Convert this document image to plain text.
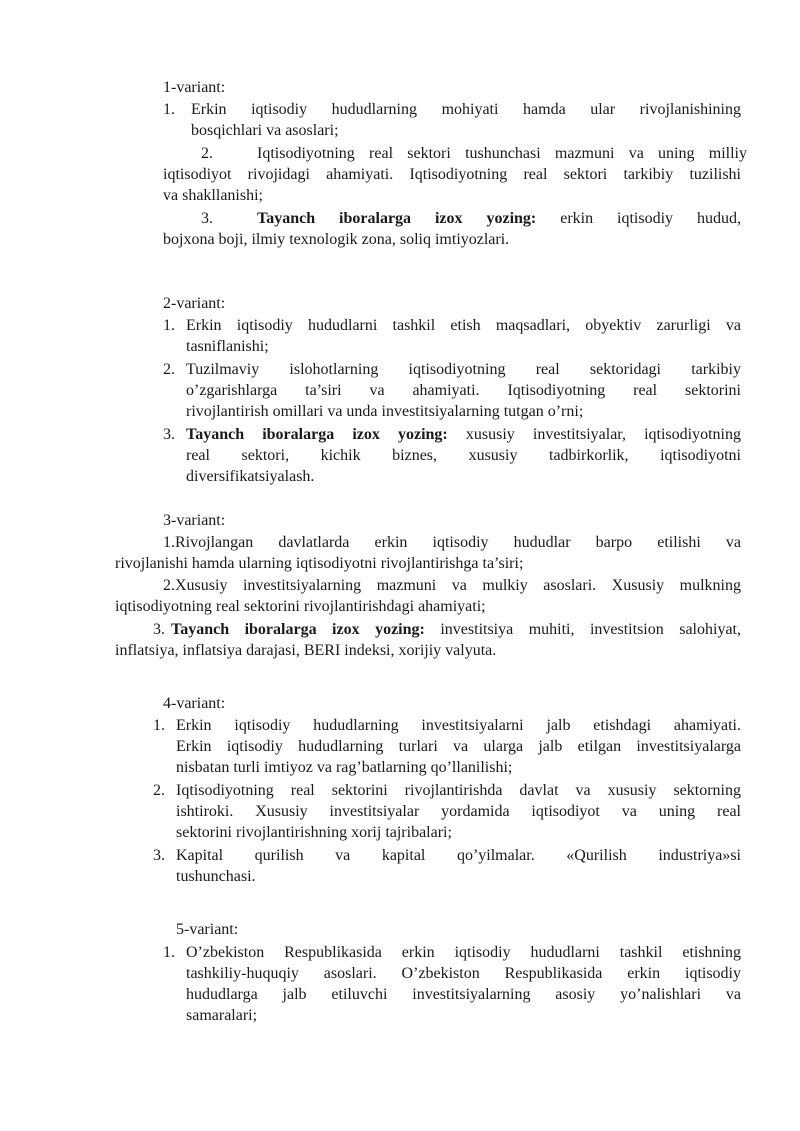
1-variant:
1. Erkin iqtisodiy hududlarning mohiyati hamda ular rivojlanishining
bosqichlari va asoslari;
2.	Iqtisodiyotning real sektori tushunchasi mazmuni va uning milliy
iqtisodiyot rivojidagi ahamiyati. Iqtisodiyotning real sektori tarkibiy tuzilishi
va shakllanishi;
3.	Tayanch iboralarga izox yozing: erkin iqtisodiy hudud,
bojxona boji, ilmiy texnologik zona, soliq imtiyozlari.
2-variant:
1. Erkin iqtisodiy hududlarni tashkil etish maqsadlari, obyektiv zarurligi va
tasniflanishi;
2. Tuzilmaviy islohotlarning iqtisodiyotning real sektoridagi tarkibiy
o’zgarishlarga ta’siri va ahamiyati. Iqtisodiyotning real sektorini
rivojlantirish omillari va unda investitsiyalarning tutgan o’rni;
3. Tayanch iboralarga izox yozing: xususiy investitsiyalar, iqtisodiyotning
real sektori, kichik biznes, xususiy tadbirkorlik, iqtisodiyotni
diversifikatsiyalash.
3-variant:
1.Rivojlangan davlatlarda erkin iqtisodiy hududlar barpo etilishi va
rivojlanishi hamda ularning iqtisodiyotni rivojlantirishga ta’siri;
2.Xususiy investitsiyalarning mazmuni va mulkiy asoslari. Xususiy mulkning
iqtisodiyotning real sektorini rivojlantirishdagi ahamiyati;
3. Tayanch iboralarga izox yozing: investitsiya muhiti, investitsion salohiyat,
inflatsiya, inflatsiya darajasi, BERI indeksi, xorijiy valyuta.
4-variant:
1. Erkin iqtisodiy hududlarning investitsiyalarni jalb etishdagi ahamiyati.
Erkin iqtisodiy hududlarning turlari va ularga jalb etilgan investitsiyalarga
nisbatan turli imtiyoz va rag’batlarning qo’llanilishi;
2. Iqtisodiyotning real sektorini rivojlantirishda davlat va xususiy sektorning
ishtiroki. Xususiy investitsiyalar yordamida iqtisodiyot va uning real
sektorini rivojlantirishning xorij tajribalari;
3. Kapital qurilish va kapital qo’yilmalar. «Qurilish industriya»si
tushunchasi.
5-variant:
1. O’zbekiston Respublikasida erkin iqtisodiy hududlarni tashkil etishning
tashkiliy-huquqiy asoslari. O’zbekiston Respublikasida erkin iqtisodiy
hududlarga jalb etiluvchi investitsiyalarning asosiy yo’nalishlari va
samaralari;
